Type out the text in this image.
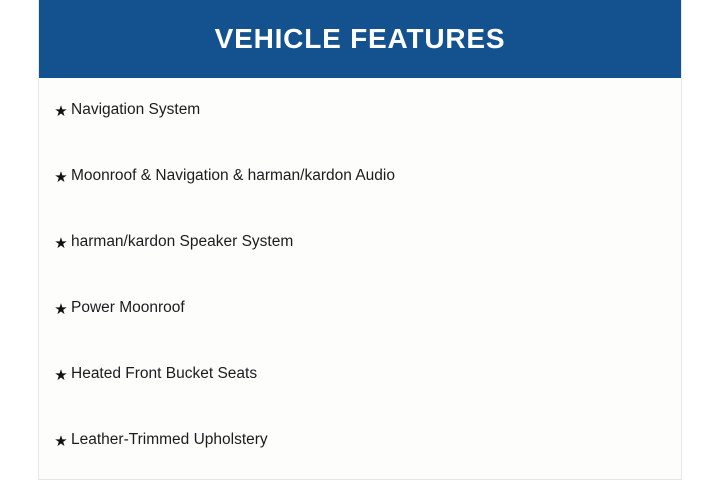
VEHICLE FEATURES
★ Navigation System
★ Moonroof & Navigation & harman/kardon Audio
★ harman/kardon Speaker System
★ Power Moonroof
★ Heated Front Bucket Seats
★ Leather-Trimmed Upholstery
